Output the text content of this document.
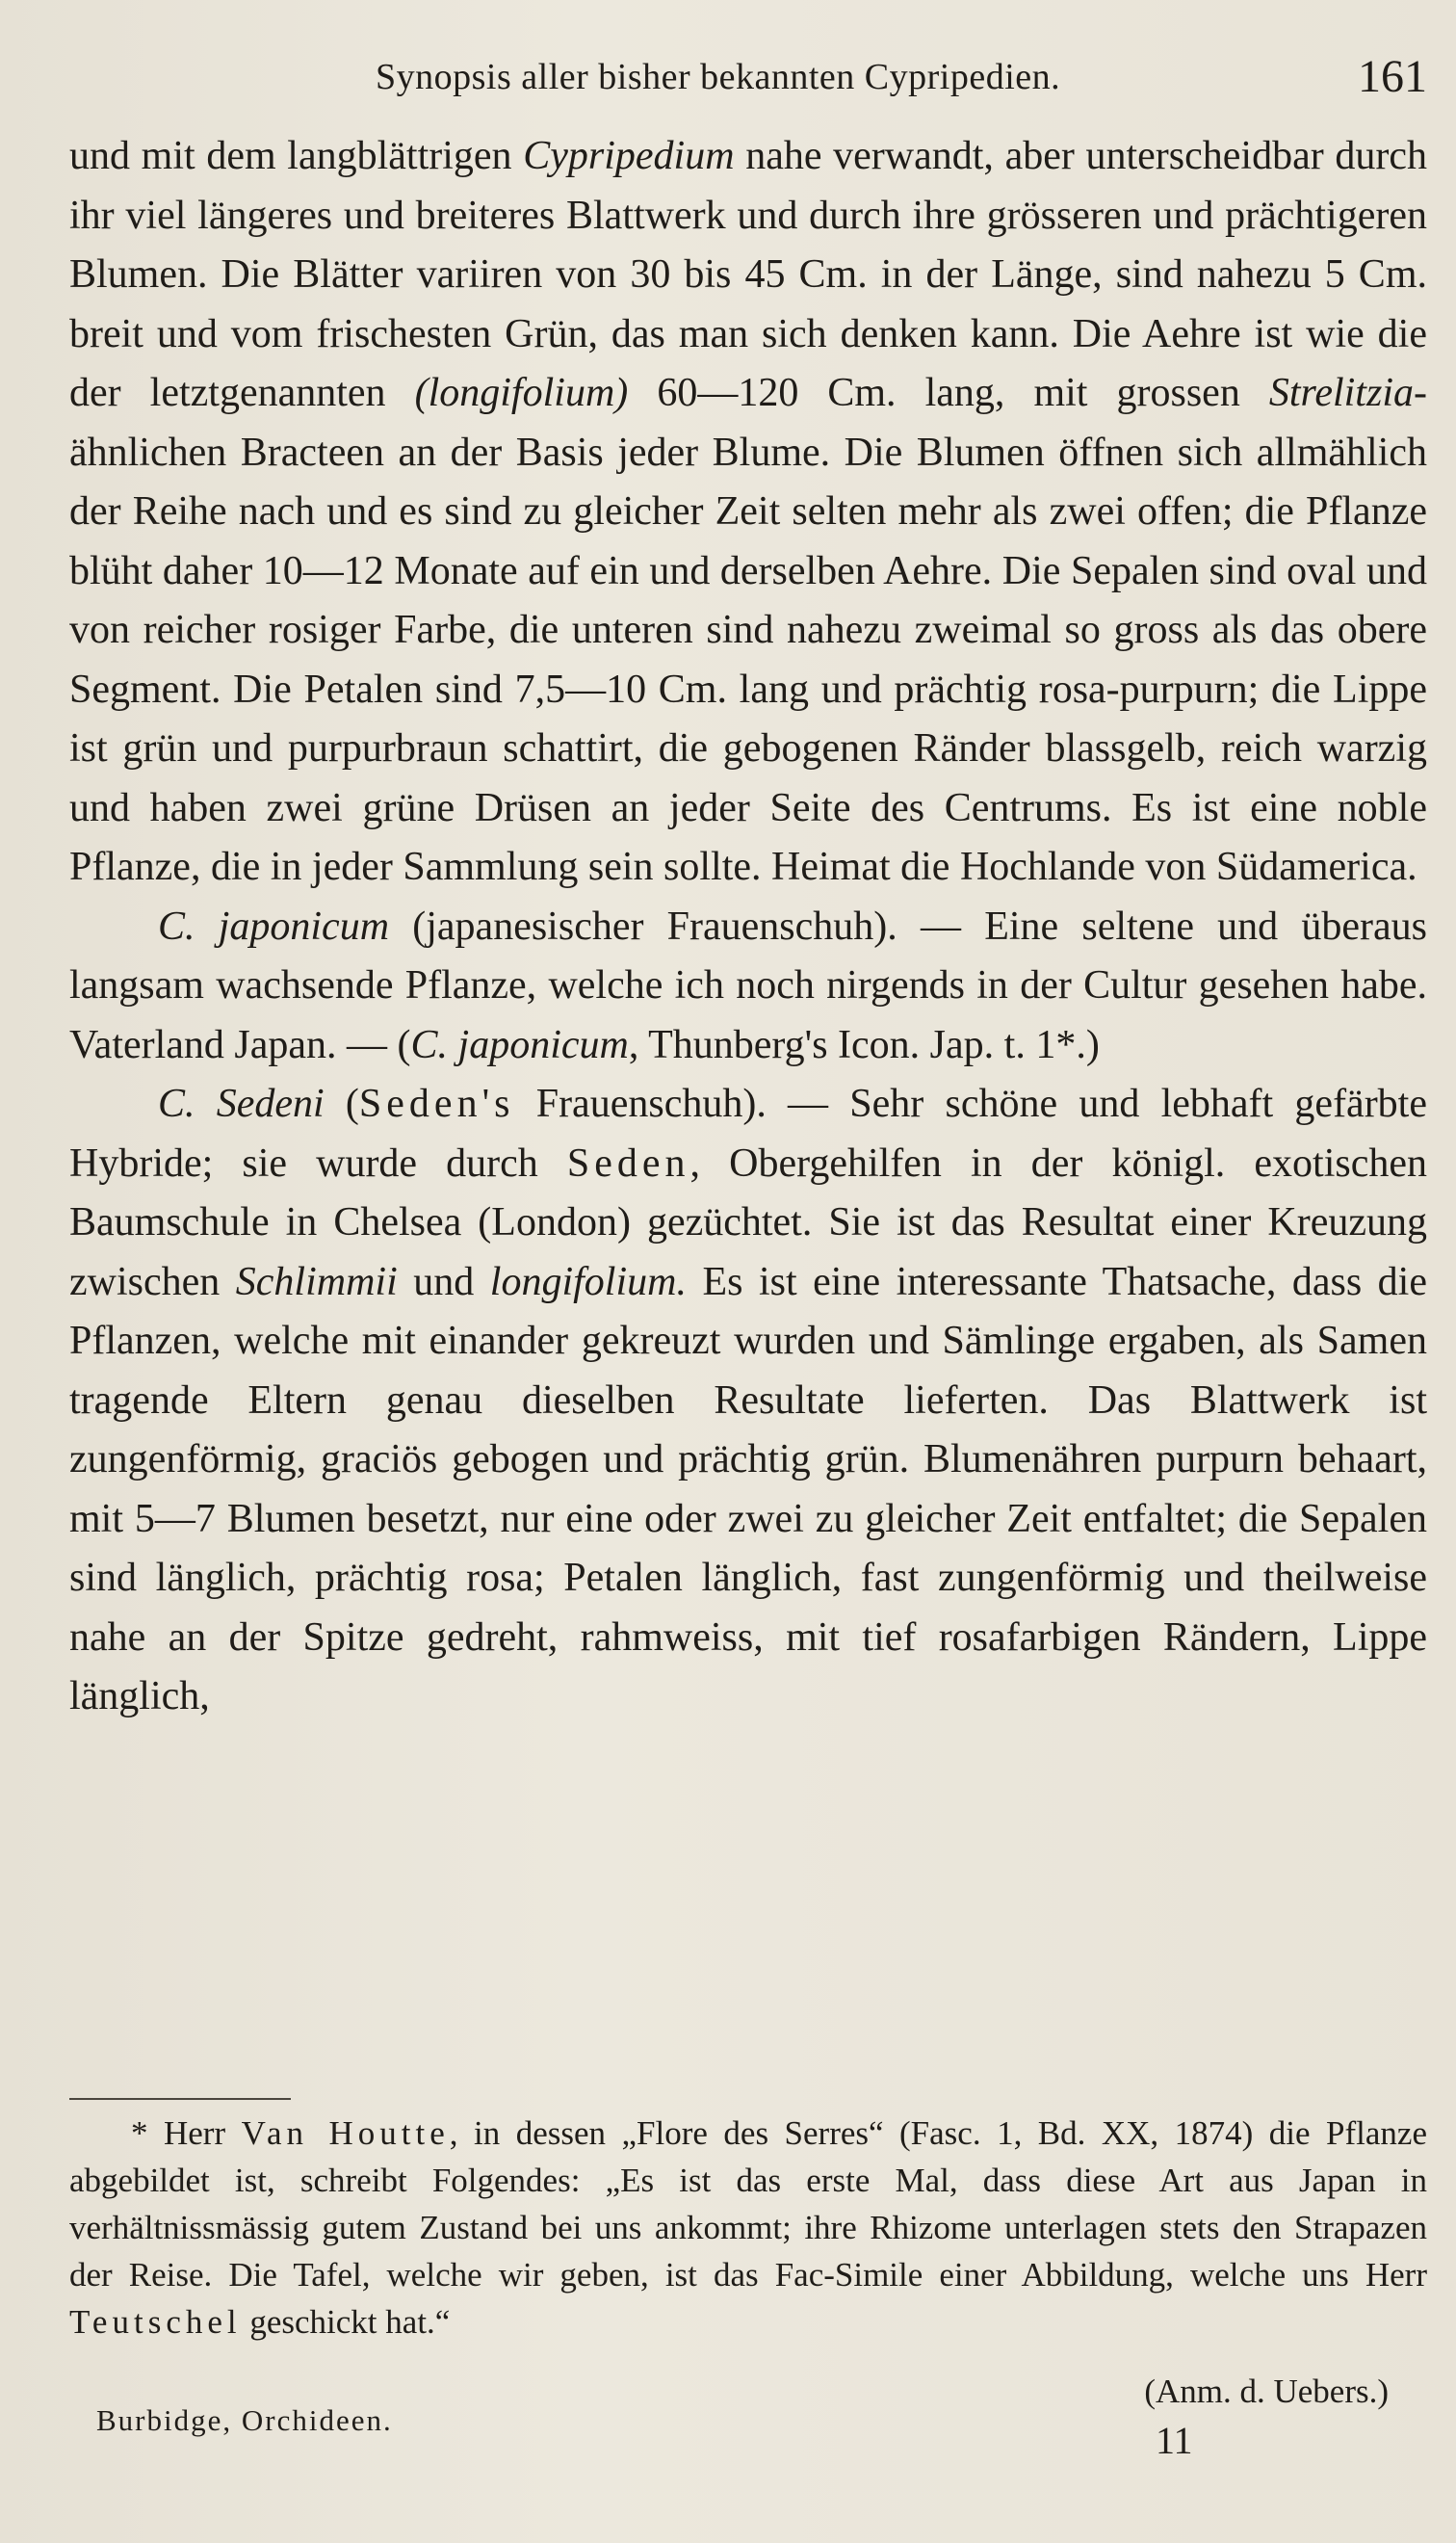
Synopsis aller bisher bekannten Cypripedien.	161

und mit dem langblättrigen Cypripedium nahe verwandt, aber unterscheidbar durch ihr viel längeres und breiteres Blattwerk und durch ihre grösseren und prächtigeren Blumen. Die Blätter variiren von 30 bis 45 Cm. in der Länge, sind nahezu 5 Cm. breit und vom frischesten Grün, das man sich denken kann. Die Aehre ist wie die der letztgenannten (longifolium) 60—120 Cm. lang, mit grossen Strelitzia-ähnlichen Bracteen an der Basis jeder Blume. Die Blumen öffnen sich allmählich der Reihe nach und es sind zu gleicher Zeit selten mehr als zwei offen; die Pflanze blüht daher 10—12 Monate auf ein und derselben Aehre. Die Sepalen sind oval und von reicher rosiger Farbe, die unteren sind nahezu zweimal so gross als das obere Segment. Die Petalen sind 7,5—10 Cm. lang und prächtig rosa-purpurn; die Lippe ist grün und purpurbraun schattirt, die gebogenen Ränder blassgelb, reich warzig und haben zwei grüne Drüsen an jeder Seite des Centrums. Es ist eine noble Pflanze, die in jeder Sammlung sein sollte. Heimat die Hochlande von Südamerica.

C. japonicum (japanesischer Frauenschuh). — Eine seltene und überaus langsam wachsende Pflanze, welche ich noch nirgends in der Cultur gesehen habe. Vaterland Japan. — (C. japonicum, Thunberg's Icon. Jap. t. 1*.)

C. Sedeni (Seden's Frauenschuh). — Sehr schöne und lebhaft gefärbte Hybride; sie wurde durch Seden, Obergehilfen in der königl. exotischen Baumschule in Chelsea (London) gezüchtet. Sie ist das Resultat einer Kreuzung zwischen Schlimmii und longifolium. Es ist eine interessante Thatsache, dass die Pflanzen, welche mit einander gekreuzt wurden und Sämlinge ergaben, als Samen tragende Eltern genau dieselben Resultate lieferten. Das Blattwerk ist zungenförmig, graciös gebogen und prächtig grün. Blumenähren purpurn behaart, mit 5—7 Blumen besetzt, nur eine oder zwei zu gleicher Zeit entfaltet; die Sepalen sind länglich, prächtig rosa; Petalen länglich, fast zungenförmig und theilweise nahe an der Spitze gedreht, rahmweiss, mit tief rosafarbigen Rändern, Lippe länglich,

* Herr Van Houtte, in dessen „Flore des Serres“ (Fasc. 1, Bd. XX, 1874) die Pflanze abgebildet ist, schreibt Folgendes: „Es ist das erste Mal, dass diese Art aus Japan in verhältnissmässig gutem Zustand bei uns ankommt; ihre Rhizome unterlagen stets den Strapazen der Reise. Die Tafel, welche wir geben, ist das Fac-Simile einer Abbildung, welche uns Herr Teutschel geschickt hat.“

(Anm. d. Uebers.)
Burbidge, Orchideen.	11
